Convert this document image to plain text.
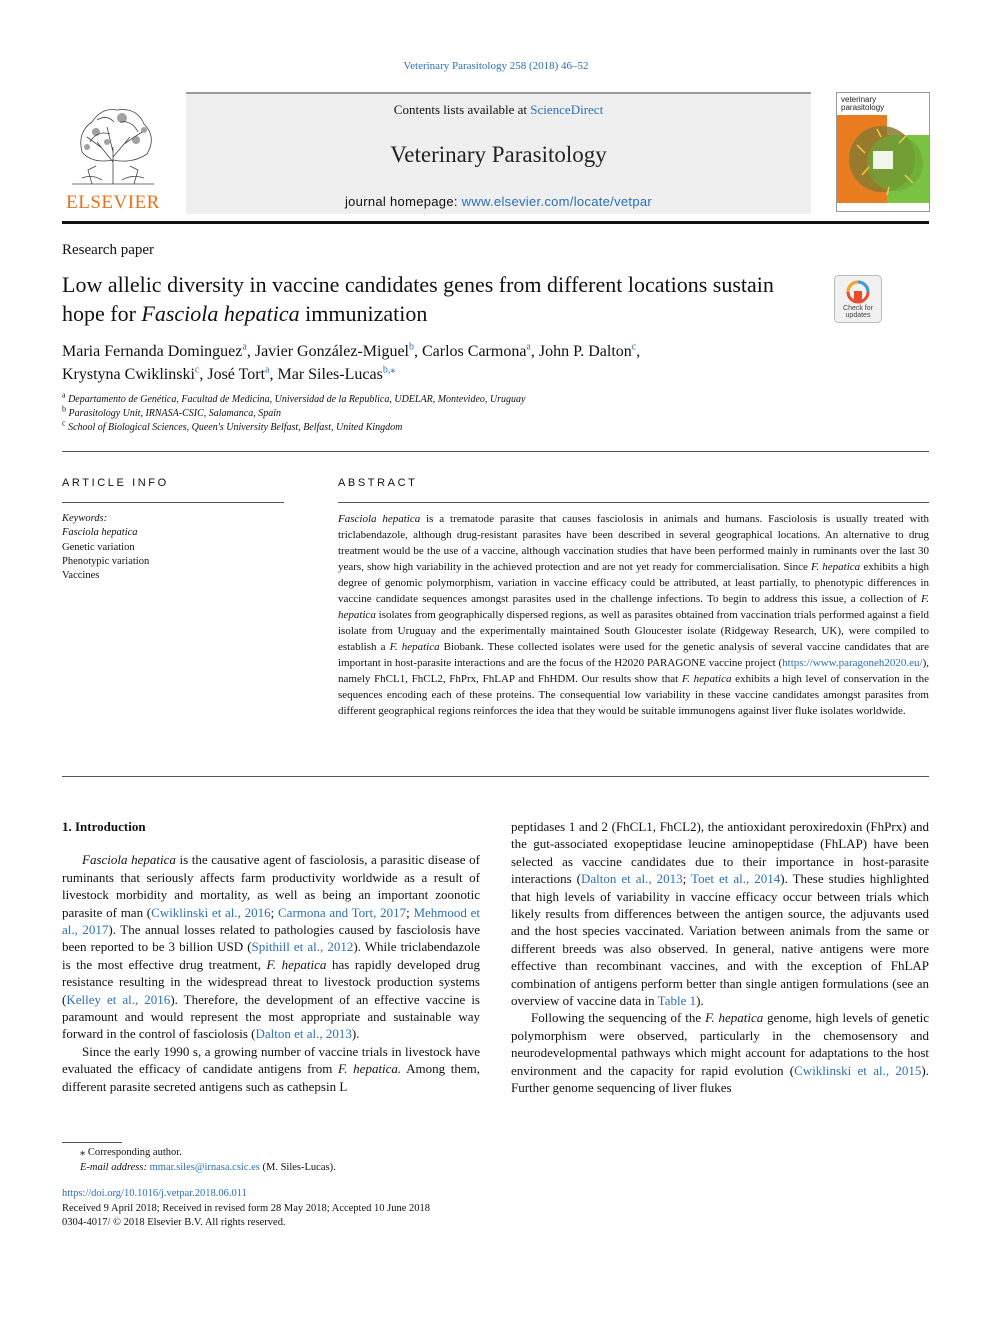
Veterinary Parasitology 258 (2018) 46–52
ELSEVIER
Contents lists available at ScienceDirect
Veterinary Parasitology
journal homepage: www.elsevier.com/locate/vetpar
veterinary
parasitology
Research paper
Low allelic diversity in vaccine candidates genes from different locations sustain hope for Fasciola hepatica immunization	Check for
updates
Maria Fernanda Dominguez$^a$, Javier González-Miguel$^b$, Carlos Carmona$^a$, John P. Dalton$^c$,
Krystyna Cwiklinski$^c$, José Tort$^a$, Mar Siles-Lucas$^{b,⁎}$
$^a$ Departamento de Genética, Facultad de Medicina, Universidad de la Republica, UDELAR, Montevideo, Uruguay
$^b$ Parasitology Unit, IRNASA-CSIC, Salamanca, Spain
$^c$ School of Biological Sciences, Queen's University Belfast, Belfast, United Kingdom
ARTICLE INFO	ABSTRACT
Keywords:
Fasciola hepatica
Genetic variation
Phenotypic variation
Vaccines
Fasciola hepatica is a trematode parasite that causes fasciolosis in animals and humans. Fasciolosis is usually treated with triclabendazole, although drug-resistant parasites have been described in several geographical locations. An alternative to drug treatment would be the use of a vaccine, although vaccination studies that have been performed mainly in ruminants over the last 30 years, show high variability in the achieved protection and are not yet ready for commercialisation. Since F. hepatica exhibits a high degree of genomic polymorphism, variation in vaccine efficacy could be attributed, at least partially, to phenotypic differences in vaccine candidate sequences amongst parasites used in the challenge infections. To begin to address this issue, a collection of F. hepatica isolates from geographically dispersed regions, as well as parasites obtained from vaccination trials performed against a field isolate from Uruguay and the experimentally maintained South Gloucester isolate (Ridgeway Research, UK), were compiled to establish a F. hepatica Biobank. These collected isolates were used for the genetic analysis of several vaccine candidates that are important in host-parasite interactions and are the focus of the H2020 PARAGONE vaccine project (https://www.paragoneh2020.eu/), namely FhCL1, FhCL2, FhPrx, FhLAP and FhHDM. Our results show that F. hepatica exhibits a high level of conservation in the sequences encoding each of these proteins. The consequential low variability in these vaccine candidates amongst parasites from different geographical regions reinforces the idea that they would be suitable immunogens against liver fluke isolates worldwide.
1. Introduction

Fasciola hepatica is the causative agent of fasciolosis, a parasitic disease of ruminants that seriously affects farm productivity worldwide as a result of livestock morbidity and mortality, as well as being an important zoonotic parasite of man (Cwiklinski et al., 2016; Carmona and Tort, 2017; Mehmood et al., 2017). The annual losses related to pathologies caused by fasciolosis have been reported to be 3 billion USD (Spithill et al., 2012). While triclabendazole is the most effective drug treatment, F. hepatica has rapidly developed drug resistance resulting in the widespread threat to livestock production systems (Kelley et al., 2016). Therefore, the development of an effective vaccine is paramount and would represent the most appropriate and sustainable way forward in the control of fasciolosis (Dalton et al., 2013).

Since the early 1990 s, a growing number of vaccine trials in livestock have evaluated the efficacy of candidate antigens from F. hepatica. Among them, different parasite secreted antigens such as cathepsin L

peptidases 1 and 2 (FhCL1, FhCL2), the antioxidant peroxiredoxin (FhPrx) and the gut-associated exopeptidase leucine aminopeptidase (FhLAP) have been selected as vaccine candidates due to their importance in host-parasite interactions (Dalton et al., 2013; Toet et al., 2014). These studies highlighted that high levels of variability in vaccine efficacy occur between trials which likely results from differences between the antigen source, the adjuvants used and the host species vaccinated. Variation between animals from the same or different breeds was also observed. In general, native antigens were more effective than recombinant vaccines, and with the exception of FhLAP combination of antigens perform better than single antigen formulations (see an overview of vaccine data in Table 1).

Following the sequencing of the F. hepatica genome, high levels of genetic polymorphism were observed, particularly in the chemosensory and neurodevelopmental pathways which might account for adaptations to the host environment and the capacity for rapid evolution (Cwiklinski et al., 2015). Further genome sequencing of liver flukes

⁎ Corresponding author.
E-mail address: mmar.siles@irnasa.csic.es (M. Siles-Lucas).
https://doi.org/10.1016/j.vetpar.2018.06.011
Received 9 April 2018; Received in revised form 28 May 2018; Accepted 10 June 2018
0304-4017/ © 2018 Elsevier B.V. All rights reserved.
